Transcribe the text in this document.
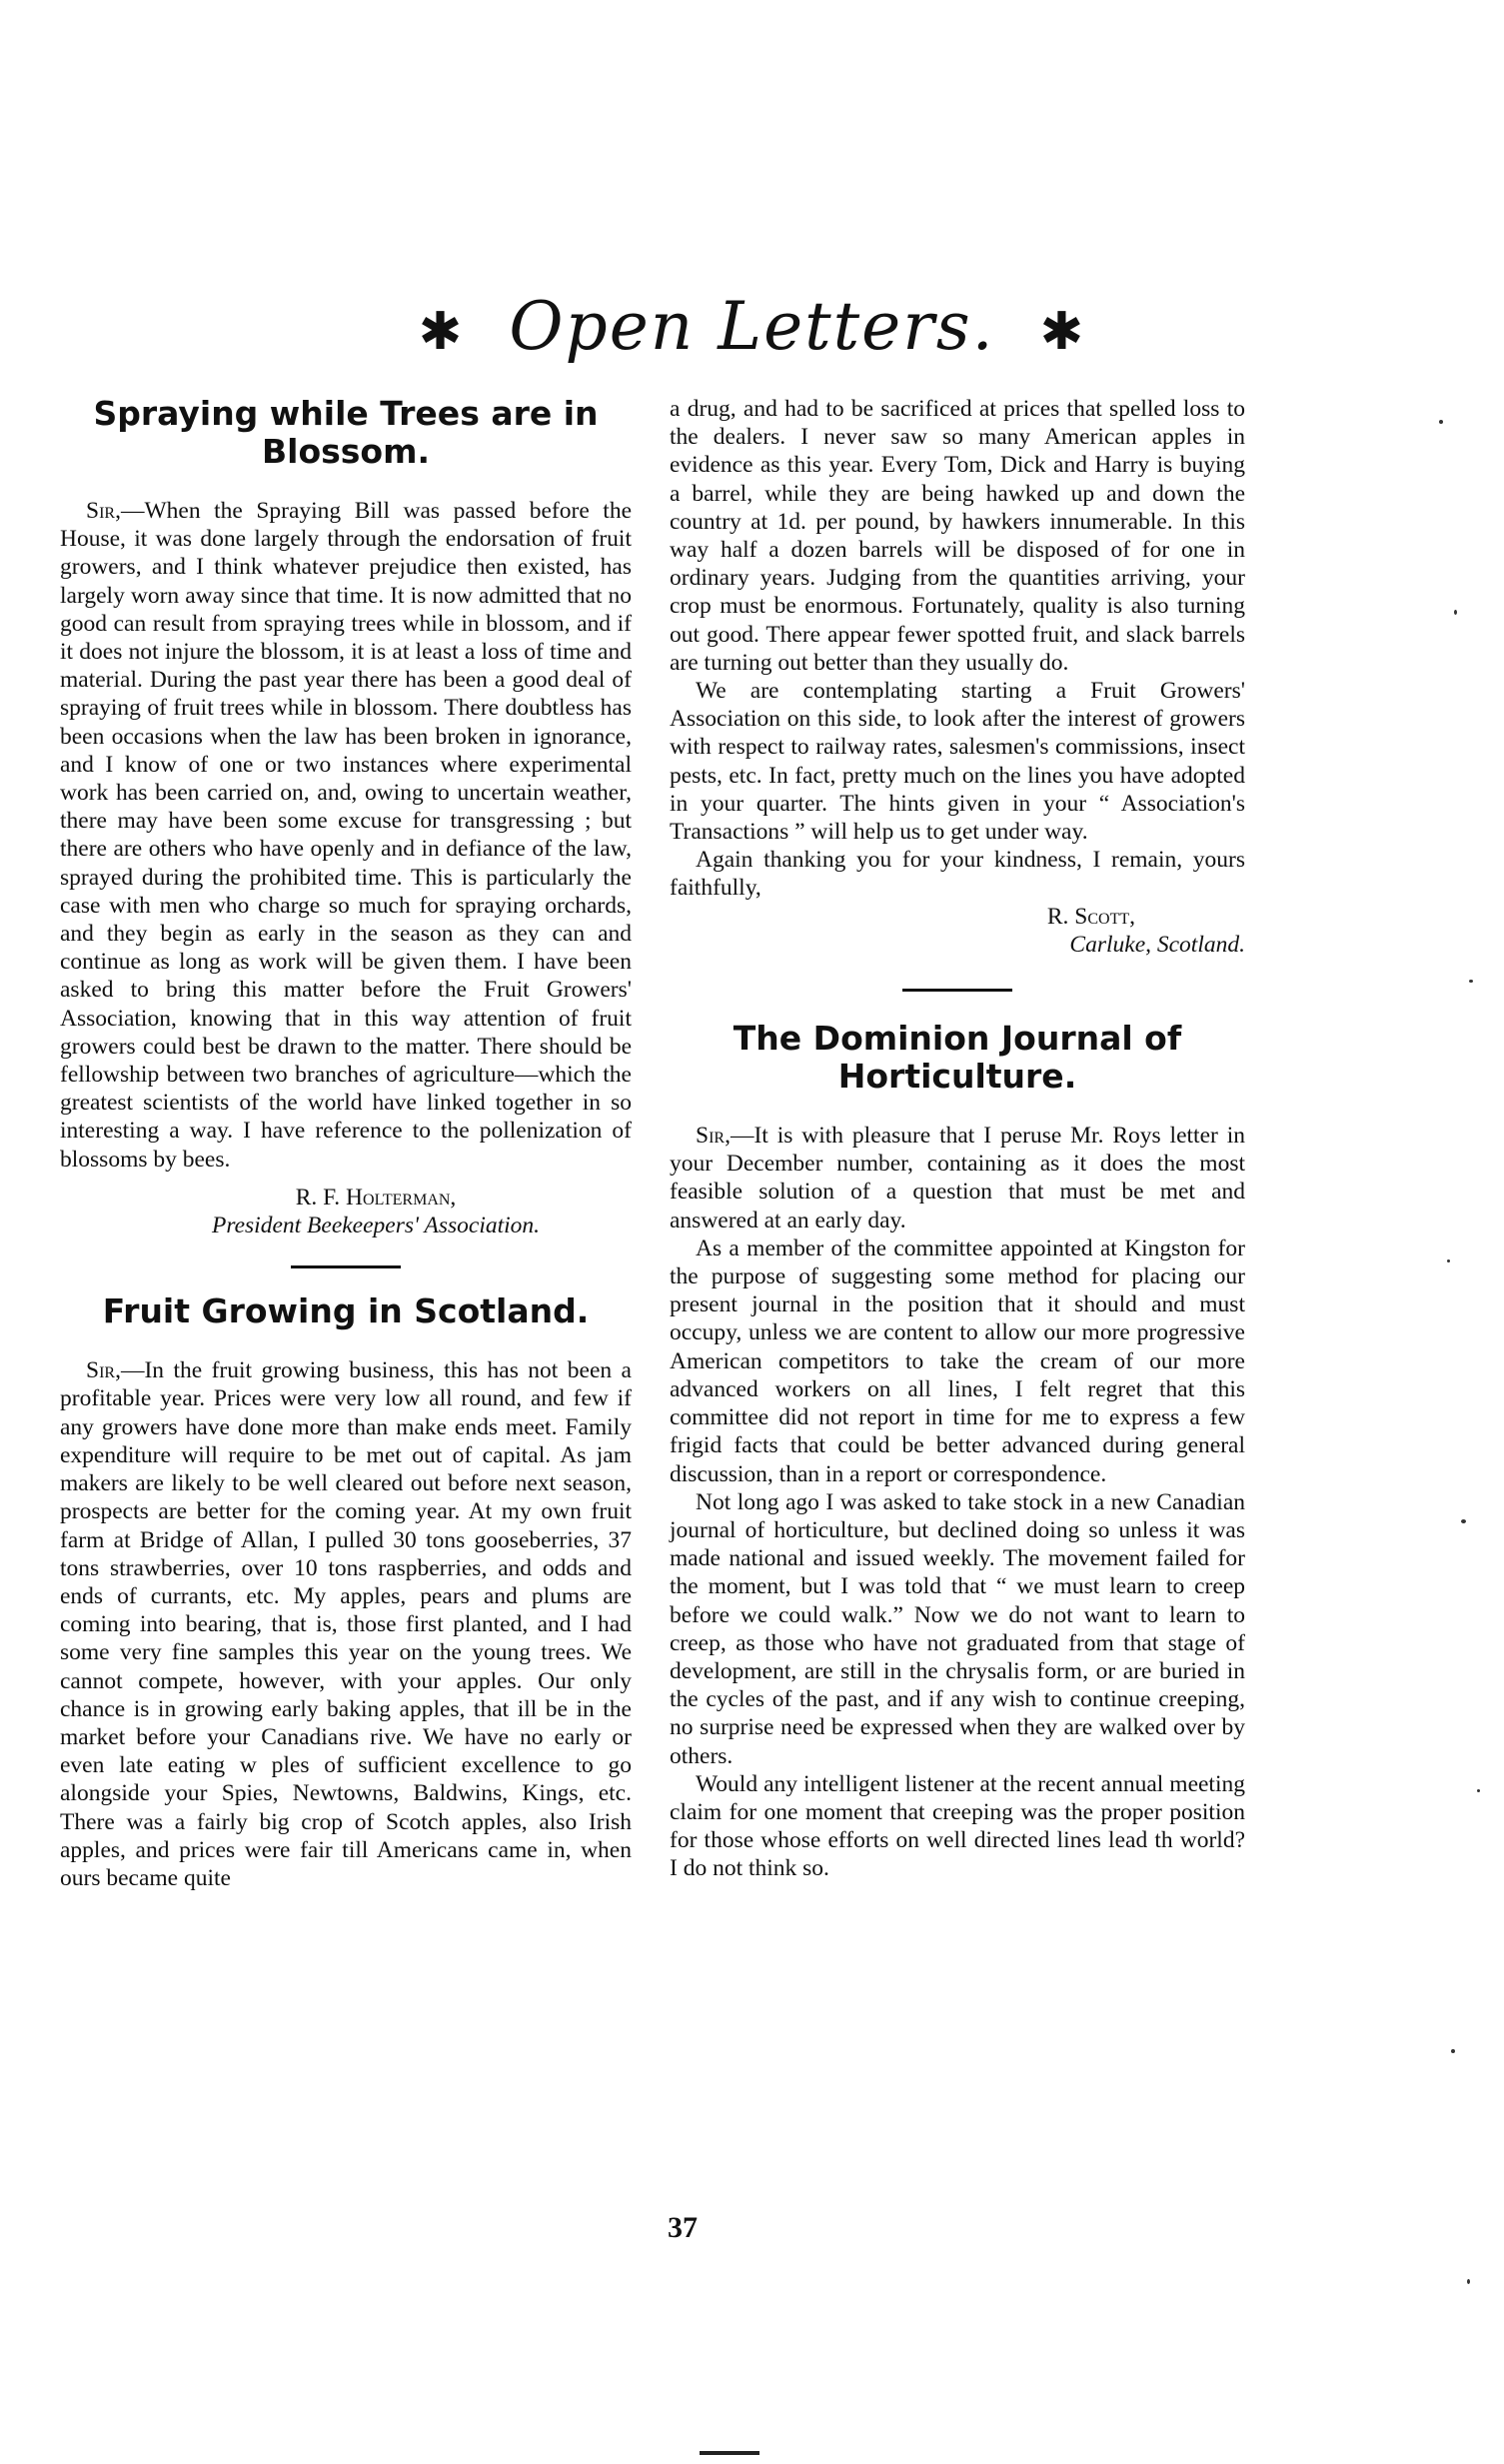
✱ Open Letters. ✱
Spraying while Trees are in Blossom.

Sir,—When the Spraying Bill was passed before the House, it was done largely through the endorsation of fruit growers, and I think whatever prejudice then existed, has largely worn away since that time. It is now admitted that no good can result from spraying trees while in blossom, and if it does not injure the blossom, it is at least a loss of time and material. During the past year there has been a good deal of spraying of fruit trees while in blossom. There doubtless has been occasions when the law has been broken in ignorance, and I know of one or two instances where experimental work has been carried on, and, owing to uncertain weather, there may have been some excuse for transgressing ; but there are others who have openly and in defiance of the law, sprayed during the prohibited time. This is particularly the case with men who charge so much for spraying orchards, and they begin as early in the season as they can and continue as long as work will be given them. I have been asked to bring this matter before the Fruit Growers' Association, knowing that in this way attention of fruit growers could best be drawn to the matter. There should be fellowship between two branches of agriculture—which the greatest scientists of the world have linked together in so interesting a way. I have reference to the pollenization of blossoms by bees.

R. F. Holterman,
President Beekeepers' Association.
Fruit Growing in Scotland.

Sir,—In the fruit growing business, this has not been a profitable year. Prices were very low all round, and few if any growers have done more than make ends meet. Family expenditure will require to be met out of capital. As jam makers are likely to be well cleared out before next season, prospects are better for the coming year. At my own fruit farm at Bridge of Allan, I pulled 30 tons gooseberries, 37 tons strawberries, over 10 tons raspberries, and odds and ends of currants, etc. My apples, pears and plums are coming into bearing, that is, those first planted, and I had some very fine samples this year on the young trees. We cannot compete, however, with your apples. Our only chance is in growing early baking apples, that ill be in the market before your Canadians rive. We have no early or even late eating w ples of sufficient excellence to go alongside your Spies, Newtowns, Baldwins, Kings, etc. There was a fairly big crop of Scotch apples, also Irish apples, and prices were fair till Americans came in, when ours became quite

a drug, and had to be sacrificed at prices that spelled loss to the dealers. I never saw so many American apples in evidence as this year. Every Tom, Dick and Harry is buying a barrel, while they are being hawked up and down the country at 1d. per pound, by hawkers innumerable. In this way half a dozen barrels will be disposed of for one in ordinary years. Judging from the quantities arriving, your crop must be enormous. Fortunately, quality is also turning out good. There appear fewer spotted fruit, and slack barrels are turning out better than they usually do.

We are contemplating starting a Fruit Growers' Association on this side, to look after the interest of growers with respect to railway rates, salesmen's commissions, insect pests, etc. In fact, pretty much on the lines you have adopted in your quarter. The hints given in your “ Association's Transactions ” will help us to get under way.

Again thanking you for your kindness, I remain, yours faithfully,

R. Scott,
Carluke, Scotland.
The Dominion Journal of Horticulture.

Sir,—It is with pleasure that I peruse Mr. Roys letter in your December number, containing as it does the most feasible solution of a question that must be met and answered at an early day.

As a member of the committee appointed at Kingston for the purpose of suggesting some method for placing our present journal in the position that it should and must occupy, unless we are content to allow our more progressive American competitors to take the cream of our more advanced workers on all lines, I felt regret that this committee did not report in time for me to express a few frigid facts that could be better advanced during general discussion, than in a report or correspondence.

Not long ago I was asked to take stock in a new Canadian journal of horticulture, but declined doing so unless it was made national and issued weekly. The movement failed for the moment, but I was told that “ we must learn to creep before we could walk.” Now we do not want to learn to creep, as those who have not graduated from that stage of development, are still in the chrysalis form, or are buried in the cycles of the past, and if any wish to continue creeping, no surprise need be expressed when they are walked over by others.

Would any intelligent listener at the recent annual meeting claim for one moment that creeping was the proper position for those whose efforts on well directed lines lead th world? I do not think so.

37
